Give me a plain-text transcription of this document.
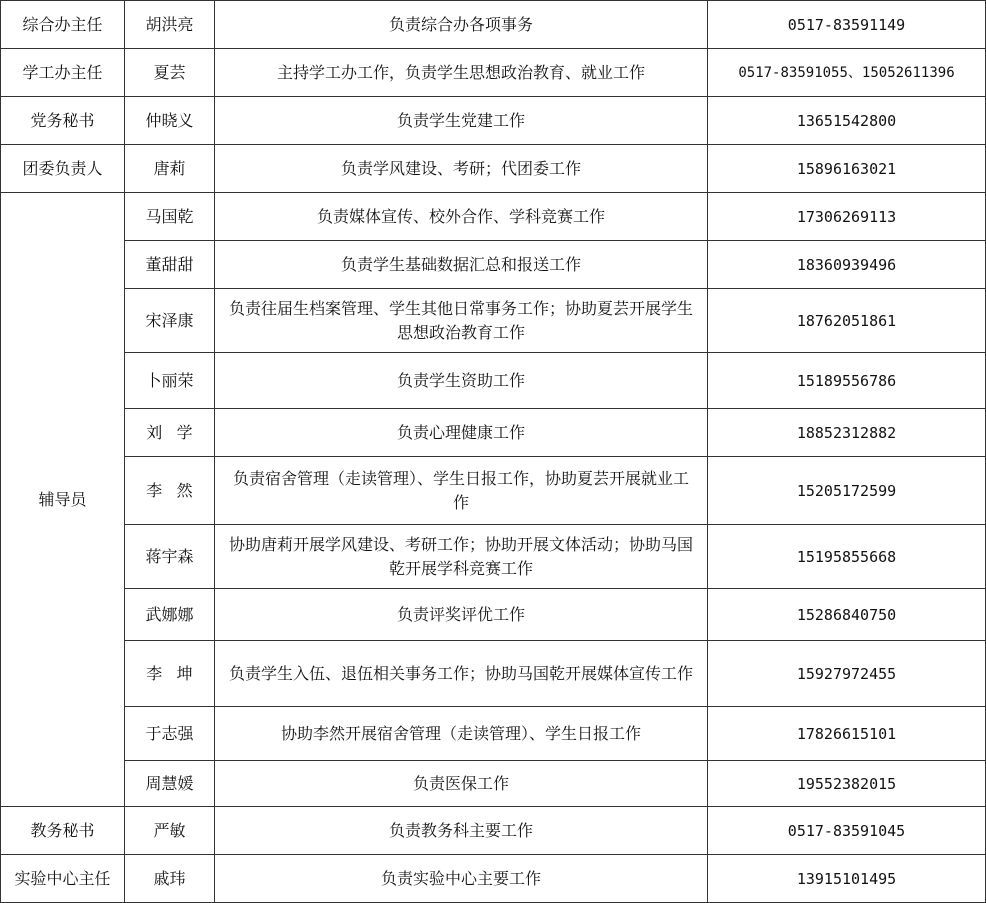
综合办主任	胡洪亮	负责综合办各项事务	0517-83591149
学工办主任	夏芸	主持学工办工作，负责学生思想政治教育、就业工作	0517-83591055、15052611396
党务秘书	仲晓义	负责学生党建工作	13651542800
团委负责人	唐莉	负责学风建设、考研；代团委工作	15896163021
辅导员	马国乾	负责媒体宣传、校外合作、学科竞赛工作	17306269113
	董甜甜	负责学生基础数据汇总和报送工作	18360939496
	宋泽康	负责往届生档案管理、学生其他日常事务工作；协助夏芸开展学生思想政治教育工作	18762051861
	卜丽荣	负责学生资助工作	15189556786
	刘学	负责心理健康工作	18852312882
	李然	负责宿舍管理（走读管理）、学生日报工作，协助夏芸开展就业工作	15205172599
	蒋宇森	协助唐莉开展学风建设、考研工作；协助开展文体活动；协助马国乾开展学科竞赛工作	15195855668
	武娜娜	负责评奖评优工作	15286840750
	李坤	负责学生入伍、退伍相关事务工作；协助马国乾开展媒体宣传工作	15927972455
	于志强	协助李然开展宿舍管理（走读管理）、学生日报工作	17826615101
	周慧媛	负责医保工作	19552382015
教务秘书	严敏	负责教务科主要工作	0517-83591045
实验中心主任	戚玮	负责实验中心主要工作	13915101495
